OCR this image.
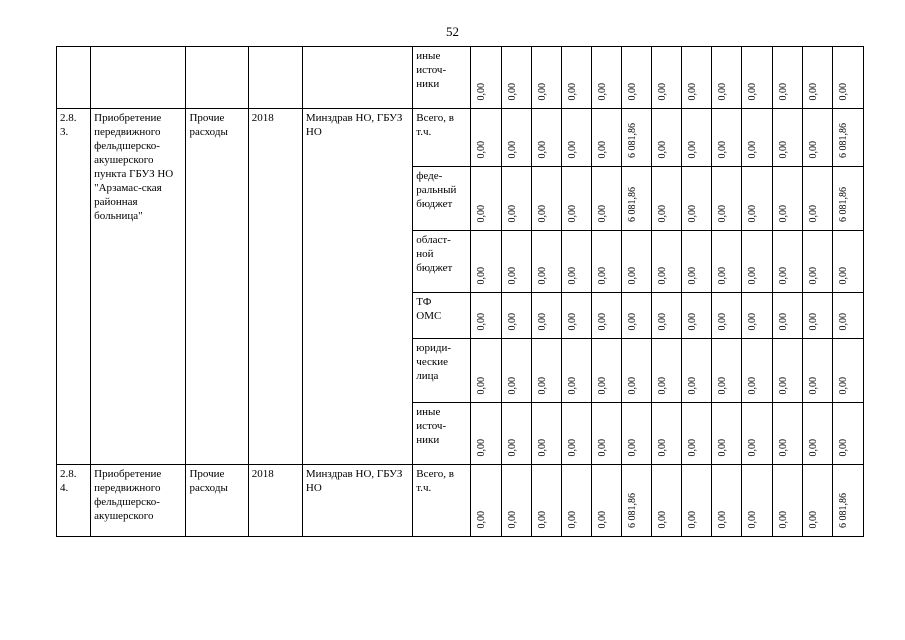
52
					иные
источ-
ники	0,00	0,00	0,00	0,00	0,00	0,00	0,00	0,00	0,00	0,00	0,00	0,00	0,00
2.8.
3.	Приобретение передвижного фельдшерско-акушерского пункта ГБУЗ НО "Арзамас-ская районная больница"	Прочие расходы	2018	Минздрав НО, ГБУЗ НО	Всего, в т.ч.	0,00	0,00	0,00	0,00	0,00	6 081,86	0,00	0,00	0,00	0,00	0,00	0,00	6 081,86
					феде-
ральный
бюджет	0,00	0,00	0,00	0,00	0,00	6 081,86	0,00	0,00	0,00	0,00	0,00	0,00	6 081,86
					област-
ной
бюджет	0,00	0,00	0,00	0,00	0,00	0,00	0,00	0,00	0,00	0,00	0,00	0,00	0,00
					ТФ
ОМС	0,00	0,00	0,00	0,00	0,00	0,00	0,00	0,00	0,00	0,00	0,00	0,00	0,00
					юриди-
ческие
лица	0,00	0,00	0,00	0,00	0,00	0,00	0,00	0,00	0,00	0,00	0,00	0,00	0,00
					иные
источ-
ники	0,00	0,00	0,00	0,00	0,00	0,00	0,00	0,00	0,00	0,00	0,00	0,00	0,00
2.8.
4.	Приобретение передвижного фельдшерско-акушерского	Прочие расходы	2018	Минздрав НО, ГБУЗ НО	Всего, в т.ч.	0,00	0,00	0,00	0,00	0,00	6 081,86	0,00	0,00	0,00	0,00	0,00	0,00	6 081,86
